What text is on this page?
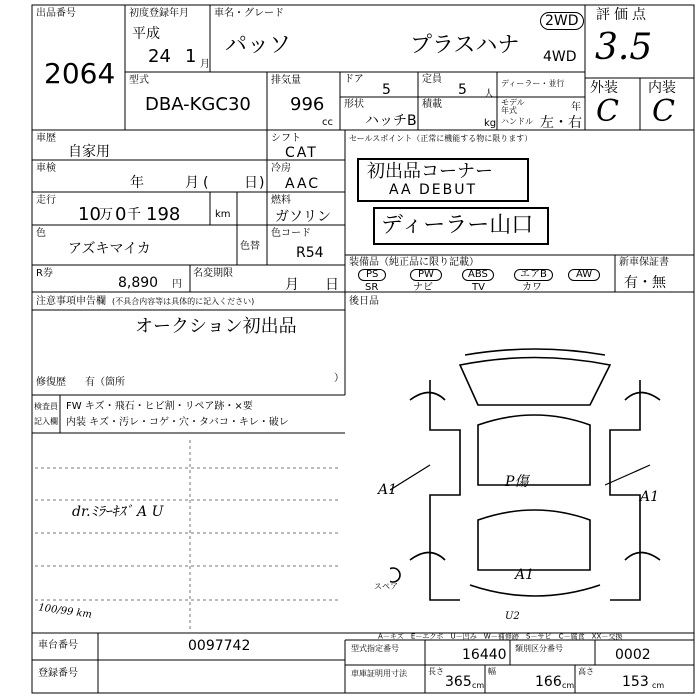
出品番号
2064
初度登録年月
平成
24 1 月
車名・グレード
パッソ	プラスハナ
2WD
4WD
評価点
3.5
外装 内装
C C
型式
DBA-KGC30
排気量
996
cc
ドア
5
定員
5 人
ディーラー・並行
形状
ハッチB
積載
kg
モデル
年式	年
ハンドル 左・右
車歴
自家用
シフト
CAT
車検
年	月 (	日 )
冷房
AAC
走行
10
万 0 千 198	km
燃料
ガソリン
色
アズキマイカ	色替
色コード
R54
R券
8,890 円
名変期限
月 日
セールスポイント（正常に機能する物に限ります）
初出品コーナー
AA DEBUT
ディーラー山口
装備品（純正品に限り記載）
PS
SR
PW
ナビ
ABS
TV
エアB
カワ
AW
新車保証書
有・無
注意事項申告欄 (不具合内容等は具体的に記入ください)
オークション初出品
修復歴 有（箇所	）
後日品
検査員
記入欄
FW キズ・飛石・ヒビ割・リペア跡・×要
内装 キズ・汚レ・コゲ・穴・タバコ・キレ・破レ
dr.ﾐﾗｰｷｽﾞ A U
100/99 km
A1	A1
P傷
A1
U2
スペア
A－キズ　E－エクボ　U－凹み　W－補修跡　S－サビ　C－腐食　XX－交換
車台番号	0097742
登録番号
型式指定番号	16440 類別区分番号	0002
車庫証明用寸法	長さ
365 cm
幅
166 cm
高さ
153 cm
